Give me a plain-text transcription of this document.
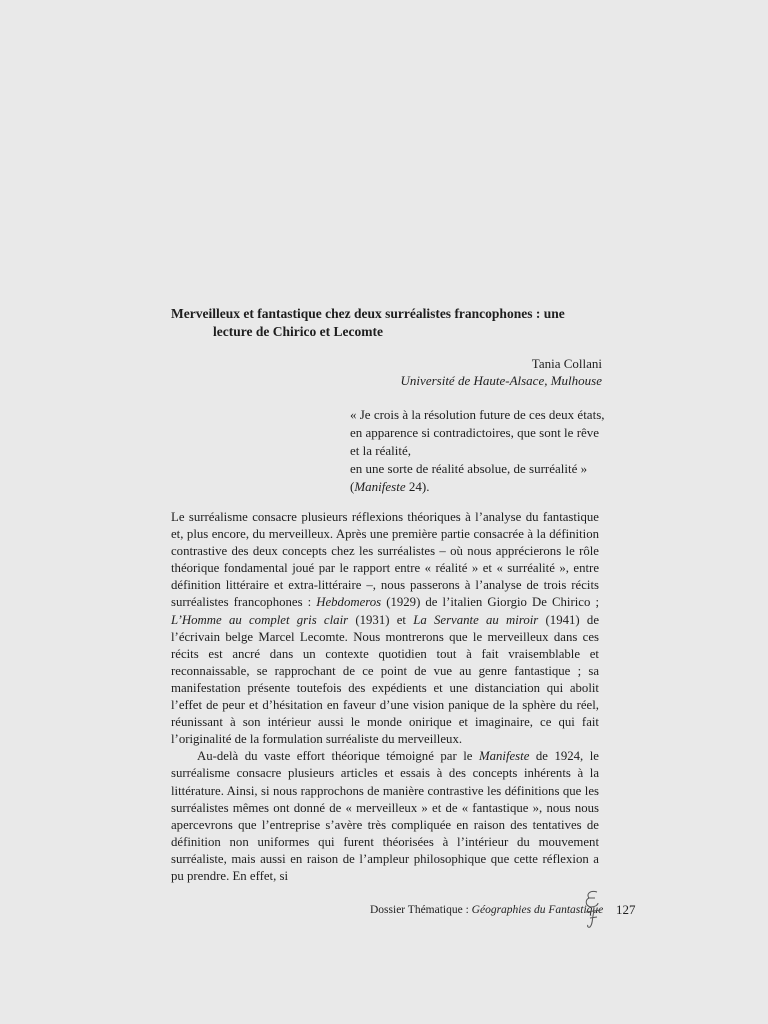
Merveilleux et fantastique chez deux surréalistes francophones : une
lecture de Chirico et Lecomte
Tania Collani
Université de Haute-Alsace, Mulhouse

« Je crois à la résolution future de ces deux états,
en apparence si contradictoires, que sont le rêve
et la réalité,
en une sorte de réalité absolue, de surréalité »
(Manifeste 24).

Le surréalisme consacre plusieurs réflexions théoriques à l’analyse du fantastique et, plus encore, du merveilleux. Après une première partie consacrée à la définition contrastive des deux concepts chez les surréalistes – où nous apprécierons le rôle théorique fondamental joué par le rapport entre « réalité » et « surréalité », entre définition littéraire et extra-littéraire –, nous passerons à l’analyse de trois récits surréalistes francophones : Hebdomeros (1929) de l’italien Giorgio De Chirico ; L’Homme au complet gris clair (1931) et La Servante au miroir (1941) de l’écrivain belge Marcel Lecomte. Nous montrerons que le merveilleux dans ces récits est ancré dans un contexte quotidien tout à fait vraisemblable et reconnaissable, se rapprochant de ce point de vue au genre fantastique ; sa manifestation présente toutefois des expédients et une distanciation qui abolit l’effet de peur et d’hésitation en faveur d’une vision panique de la sphère du réel, réunissant à son intérieur aussi le monde onirique et imaginaire, ce qui fait l’originalité de la formulation surréaliste du merveilleux.

Au-delà du vaste effort théorique témoigné par le Manifeste de 1924, le surréalisme consacre plusieurs articles et essais à des concepts inhérents à la littérature. Ainsi, si nous rapprochons de manière contrastive les définitions que les surréalistes mêmes ont donné de « merveilleux » et de « fantastique », nous nous apercevrons que l’entreprise s’avère très compliquée en raison des tentatives de définition non uniformes qui furent théorisées à l’intérieur du mouvement surréaliste, mais aussi en raison de l’ampleur philosophique que cette réflexion a pu prendre. En effet, si

Dossier Thématique : Géographies du Fantastique 127
